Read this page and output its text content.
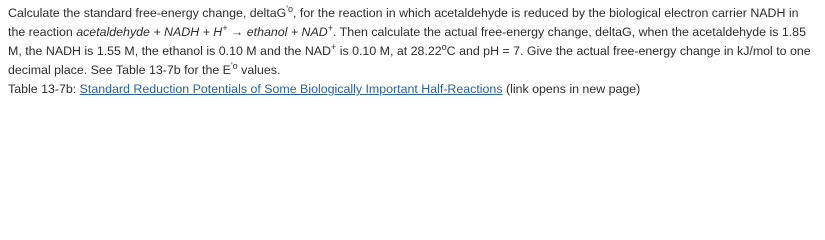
Calculate the standard free-energy change, deltaG$^{'o}$, for the reaction in which acetaldehyde is reduced by the biological electron carrier NADH in the reaction acetaldehyde + NADH + H+ → ethanol + NAD+. Then calculate the actual free-energy change, deltaG, when the acetaldehyde is 1.85 M, the NADH is 1.55 M, the ethanol is 0.10 M and the NAD+ is 0.10 M, at 28.22$^o$C and pH = 7. Give the actual free-energy change in kJ/mol to one decimal place. See Table 13-7b for the $E^{'o}$ values.

Table 13-7b: Standard Reduction Potentials of Some Biologically Important Half-Reactions (link opens in new page)
